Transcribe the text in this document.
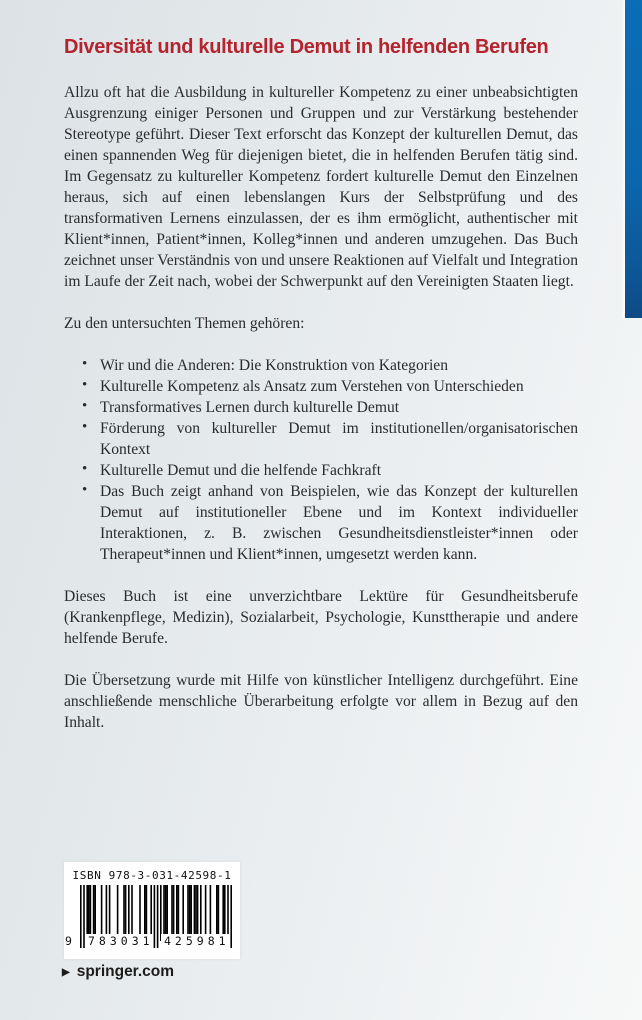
Diversität und kulturelle Demut in helfenden Berufen

Allzu oft hat die Ausbildung in kultureller Kompetenz zu einer unbeabsichtigten Ausgrenzung einiger Personen und Gruppen und zur Verstärkung bestehender Stereotype geführt. Dieser Text erforscht das Konzept der kulturellen Demut, das einen spannenden Weg für diejenigen bietet, die in helfenden Berufen tätig sind. Im Gegensatz zu kultureller Kompetenz fordert kulturelle Demut den Einzelnen heraus, sich auf einen lebenslangen Kurs der Selbstprüfung und des transformativen Lernens einzulassen, der es ihm ermöglicht, authentischer mit Klient*innen, Patient*innen, Kolleg*innen und anderen umzugehen. Das Buch zeichnet unser Verständnis von und unsere Reaktionen auf Vielfalt und Integration im Laufe der Zeit nach, wobei der Schwerpunkt auf den Vereinigten Staaten liegt.

Zu den untersuchten Themen gehören:

• Wir und die Anderen: Die Konstruktion von Kategorien
• Kulturelle Kompetenz als Ansatz zum Verstehen von Unterschieden
• Transformatives Lernen durch kulturelle Demut
• Förderung von kultureller Demut im institutionellen/organisatorischen Kontext
• Kulturelle Demut und die helfende Fachkraft
• Das Buch zeigt anhand von Beispielen, wie das Konzept der kulturellen Demut auf institutioneller Ebene und im Kontext individueller Interaktionen, z. B. zwischen Gesundheitsdienstleister*innen oder Therapeut*innen und Klient*innen, umgesetzt werden kann.

Dieses Buch ist eine unverzichtbare Lektüre für Gesundheitsberufe (Krankenpflege, Medizin), Sozialarbeit, Psychologie, Kunsttherapie und andere helfende Berufe.

Die Übersetzung wurde mit Hilfe von künstlicher Intelligenz durchgeführt. Eine anschließende menschliche Überarbeitung erfolgte vor allem in Bezug auf den Inhalt.

ISBN 978-3-031-42598-1
9	783031 425981
▶ springer.com
